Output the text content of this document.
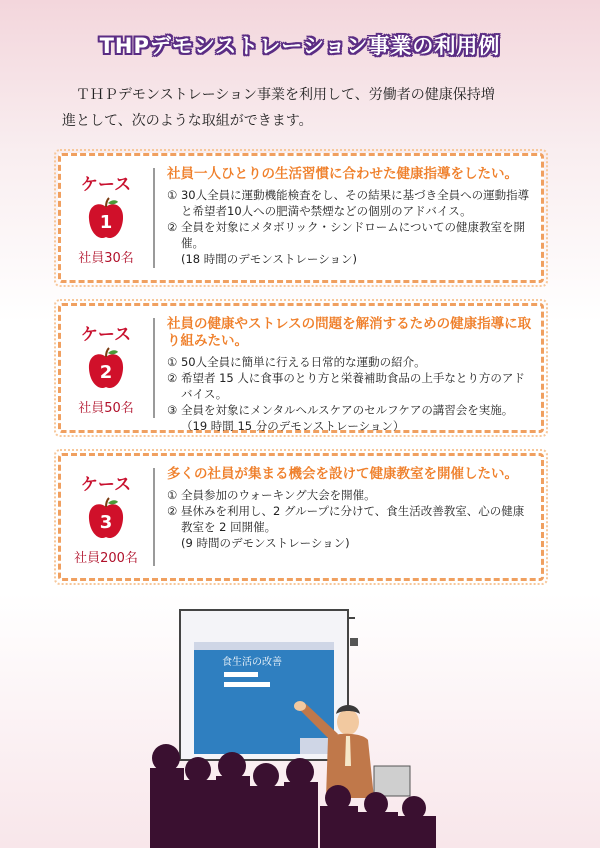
THPデモンストレーション事業の利用例

ＴＨＰデモンストレーション事業を利用して、労働者の健康保持増

進として、次のような取組ができます。

ケース
1
社員30名
社員一人ひとりの生活習慣に合わせた健康指導をしたい。
① 30人全員に運動機能検査をし、その結果に基づき全員への運動指導と希望者10人への肥満や禁煙などの個別のアドバイス。
② 全員を対象にメタボリック・シンドロームについての健康教室を開催。
(18 時間のデモンストレーション)
ケース
2
社員50名
社員の健康やストレスの問題を解消するための健康指導に取り組みたい。
① 50人全員に簡単に行える日常的な運動の紹介。
② 希望者 15 人に食事のとり方と栄養補助食品の上手なとり方のアドバイス。
③ 全員を対象にメンタルヘルスケアのセルフケアの講習会を実施。
（19 時間 15 分のデモンストレーション）
ケース
3
社員200名
多くの社員が集まる機会を設けて健康教室を開催したい。
① 全員参加のウォーキング大会を開催。
② 昼休みを利用し、2 グループに分けて、食生活改善教室、心の健康教室を 2 回開催。
(9 時間のデモンストレーション)
食生活の改善
